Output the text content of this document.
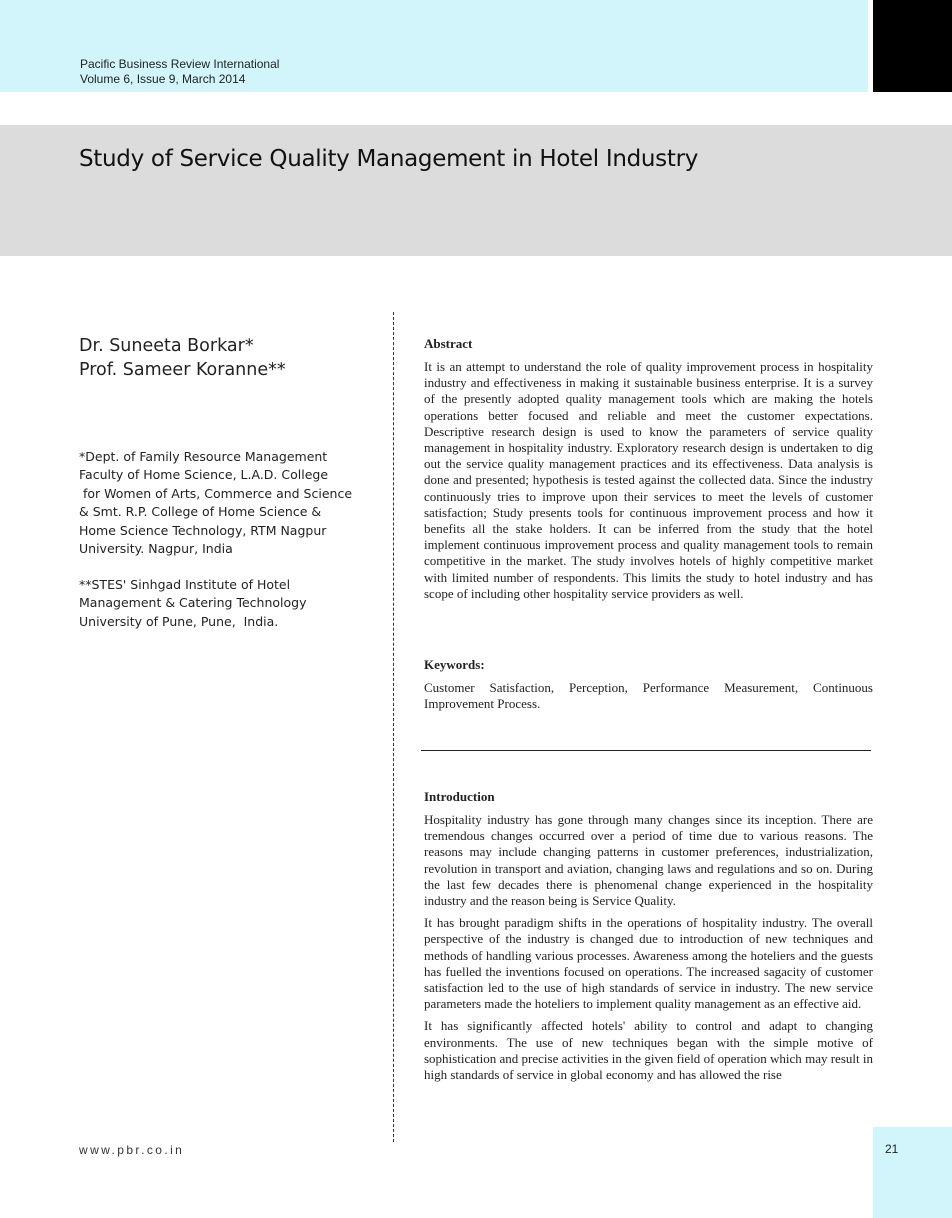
Pacific Business Review International
Volume 6, Issue 9, March 2014
Study of Service Quality Management in Hotel Industry
Dr. Suneeta Borkar*
Prof. Sameer Koranne**
*Dept. of Family Resource Management
Faculty of Home Science, L.A.D. College
for Women of Arts, Commerce and Science
& Smt. R.P. College of Home Science &
Home Science Technology, RTM Nagpur
University. Nagpur, India
**STES' Sinhgad Institute of Hotel
Management & Catering Technology
University of Pune, Pune,  India.
Abstract

It is an attempt to understand the role of quality improvement process in hospitality industry and effectiveness in making it sustainable business enterprise. It is a survey of the presently adopted quality management tools which are making the hotels operations better focused and reliable and meet the customer expectations. Descriptive research design is used to know the parameters of service quality management in hospitality industry. Exploratory research design is undertaken to dig out the service quality management practices and its effectiveness. Data analysis is done and presented; hypothesis is tested against the collected data. Since the industry continuously tries to improve upon their services to meet the levels of customer satisfaction; Study presents tools for continuous improvement process and how it benefits all the stake holders. It can be inferred from the study that the hotel implement continuous improvement process and quality management tools to remain competitive in the market. The study involves hotels of highly competitive market with limited number of respondents. This limits the study to hotel industry and has scope of including other hospitality service providers as well.

Keywords:

Customer Satisfaction, Perception, Performance Measurement, Continuous Improvement Process.

Introduction

Hospitality industry has gone through many changes since its inception. There are tremendous changes occurred over a period of time due to various reasons. The reasons may include changing patterns in customer preferences, industrialization, revolution in transport and aviation, changing laws and regulations and so on. During the last few decades there is phenomenal change experienced in the hospitality industry and the reason being is Service Quality.

It has brought paradigm shifts in the operations of hospitality industry. The overall perspective of the industry is changed due to introduction of new techniques and methods of handling various processes. Awareness among the hoteliers and the guests has fuelled the inventions focused on operations. The increased sagacity of customer satisfaction led to the use of high standards of service in industry. The new service parameters made the hoteliers to implement quality management as an effective aid.

It has significantly affected hotels' ability to control and adapt to changing environments. The use of new techniques began with the simple motive of sophistication and precise activities in the given field of operation which may result in high standards of service in global economy and has allowed the rise

www.pbr.co.in	21
